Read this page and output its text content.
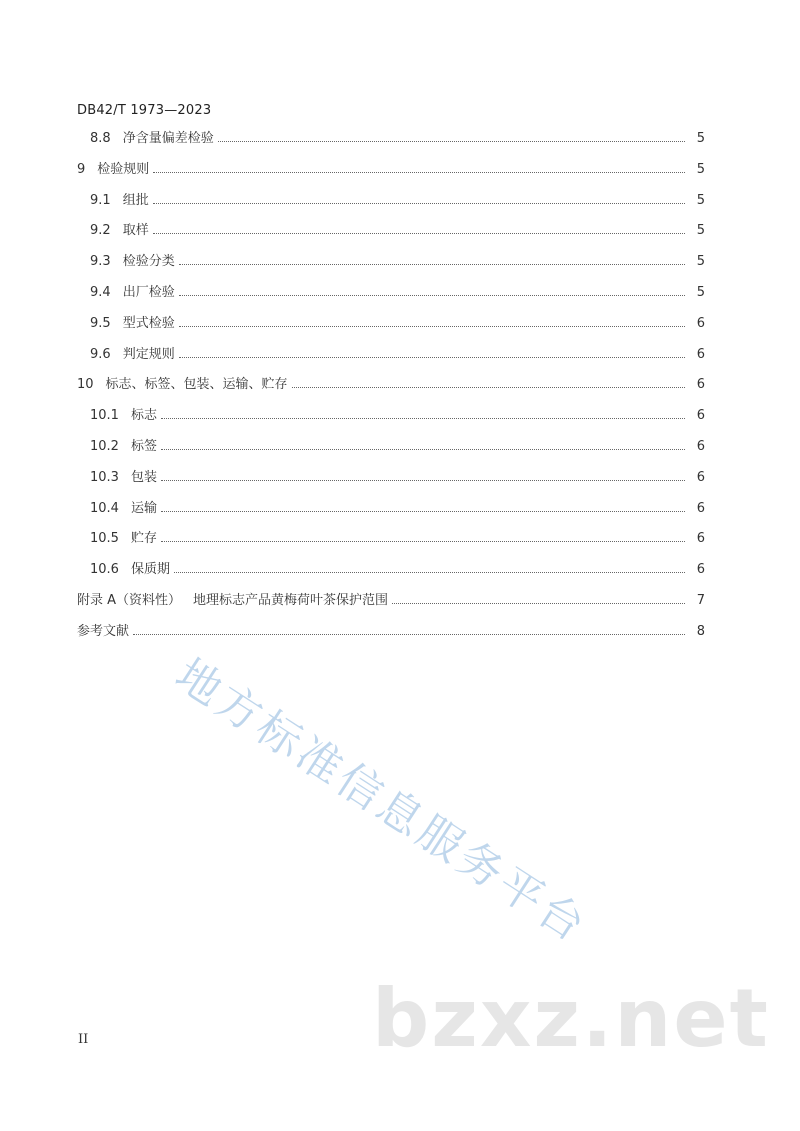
DB42/T 1973—2023
8.8 净含量偏差检验	5
9 检验规则	5
9.1 组批	5
9.2 取样	5
9.3 检验分类	5
9.4 出厂检验	5
9.5 型式检验	6
9.6 判定规则	6
10 标志、标签、包装、运输、贮存	6
10.1 标志	6
10.2 标签	6
10.3 包装	6
10.4 运输	6
10.5 贮存	6
10.6 保质期	6
附录 A（资料性） 地理标志产品黄梅荷叶茶保护范围	7
参考文献	8
II
地方标准信息服务平台
bzxz.net
